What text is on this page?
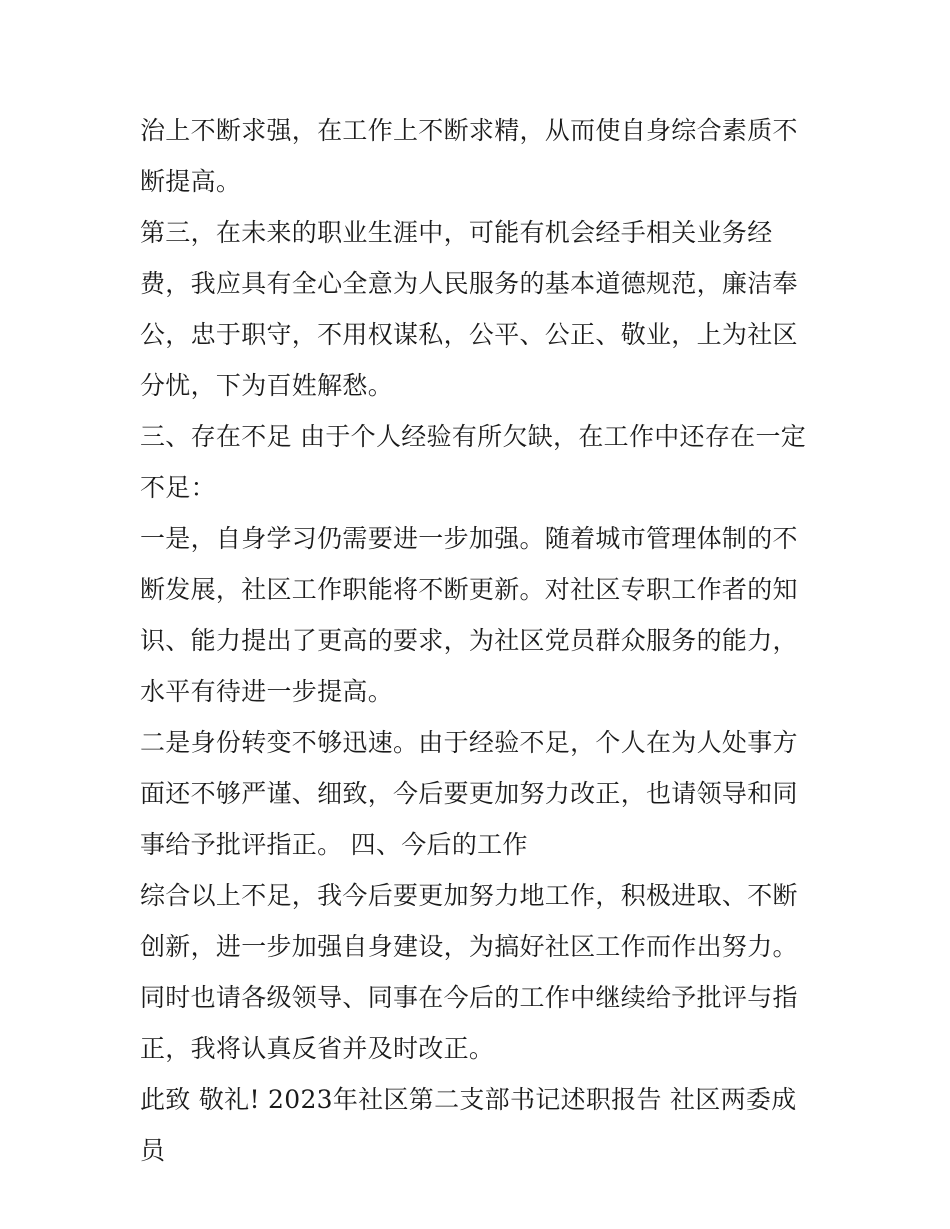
治上不断求强，在工作上不断求精，从而使自身综合素质不断提高。

第三，在未来的职业生涯中，可能有机会经手相关业务经费，我应具有全心全意为人民服务的基本道德规范，廉洁奉公，忠于职守，不用权谋私，公平、公正、敬业，上为社区分忧，下为百姓解愁。

三、存在不足 由于个人经验有所欠缺，在工作中还存在一定不足：

一是，自身学习仍需要进一步加强。随着城市管理体制的不断发展，社区工作职能将不断更新。对社区专职工作者的知识、能力提出了更高的要求，为社区党员群众服务的能力，水平有待进一步提高。

二是身份转变不够迅速。由于经验不足，个人在为人处事方面还不够严谨、细致，今后要更加努力改正，也请领导和同事给予批评指正。 四、今后的工作

综合以上不足，我今后要更加努力地工作，积极进取、不断创新，进一步加强自身建设，为搞好社区工作而作出努力。同时也请各级领导、同事在今后的工作中继续给予批评与指正，我将认真反省并及时改正。

此致 敬礼! 2023年社区第二支部书记述职报告 社区两委成员
